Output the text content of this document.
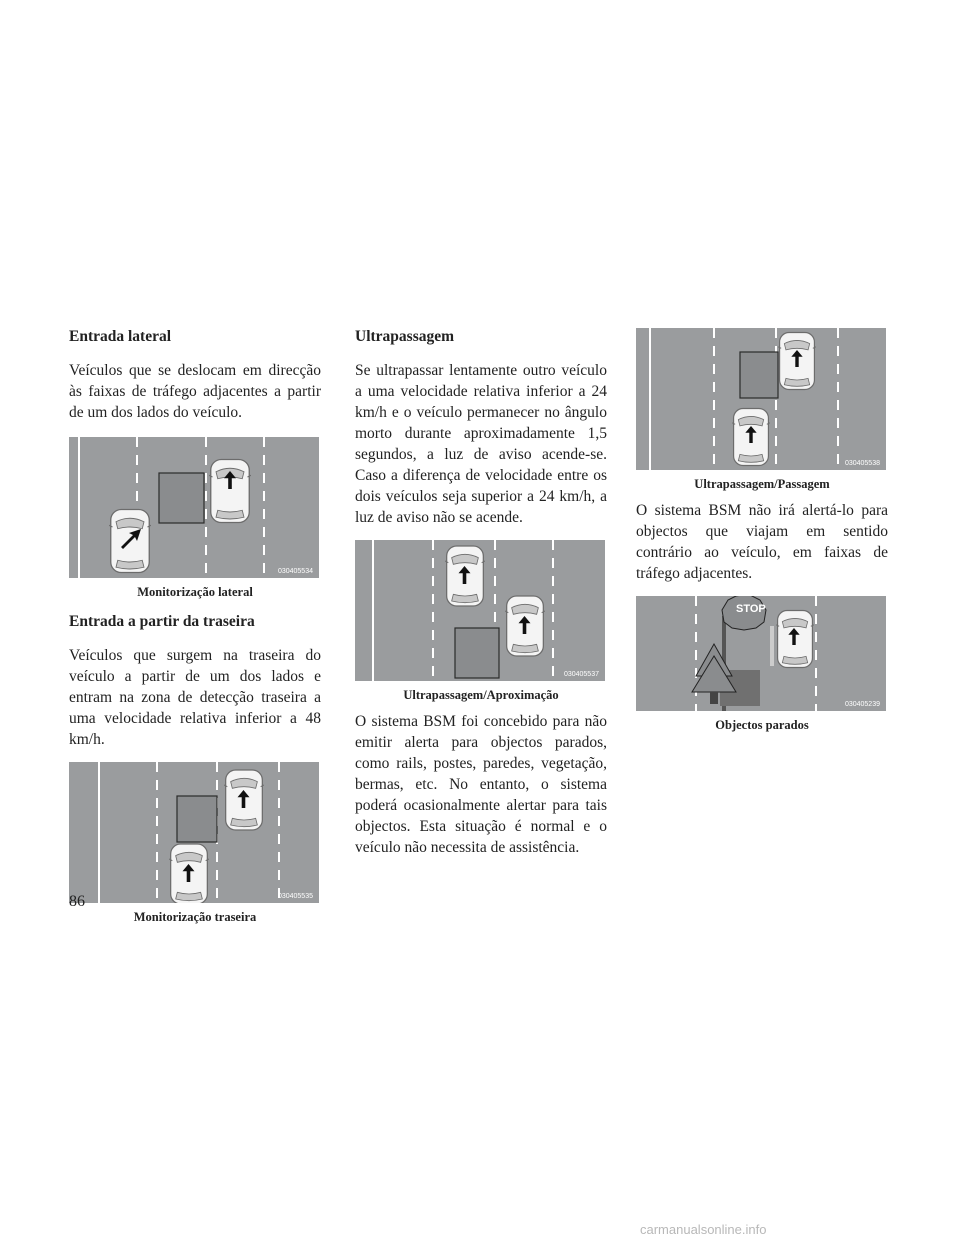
Entrada lateral

Veículos que se deslocam em direcção às faixas de tráfego adjacentes a partir de um dos lados do veículo.

030405534
Monitorização lateral
Entrada a partir da traseira

Veículos que surgem na traseira do veículo a partir de um dos lados e entram na zona de detecção traseira a uma velocidade relativa inferior a 48 km/h.

030405535
Monitorização traseira
Ultrapassagem

Se ultrapassar lentamente outro veículo a uma velocidade relativa inferior a 24 km/h e o veículo permanecer no ângulo morto durante aproximadamente 1,5 segundos, a luz de aviso acende-se. Caso a diferença de velocidade entre os dois veículos seja superior a 24 km/h, a luz de aviso não se acende.

030405537
Ultrapassagem/Aproximação

O sistema BSM foi concebido para não emitir alerta para objectos parados, como rails, postes, paredes, vegetação, bermas, etc. No entanto, o sistema poderá ocasionalmente alertar para tais objectos. Esta situação é normal e o veículo não necessita de assistência.

030405538
Ultrapassagem/Passagem

O sistema BSM não irá alertá-lo para objectos que viajam em sentido contrário ao veículo, em faixas de tráfego adjacentes.

STOP
030405239
Objectos parados
86
carmanualsonline.info
